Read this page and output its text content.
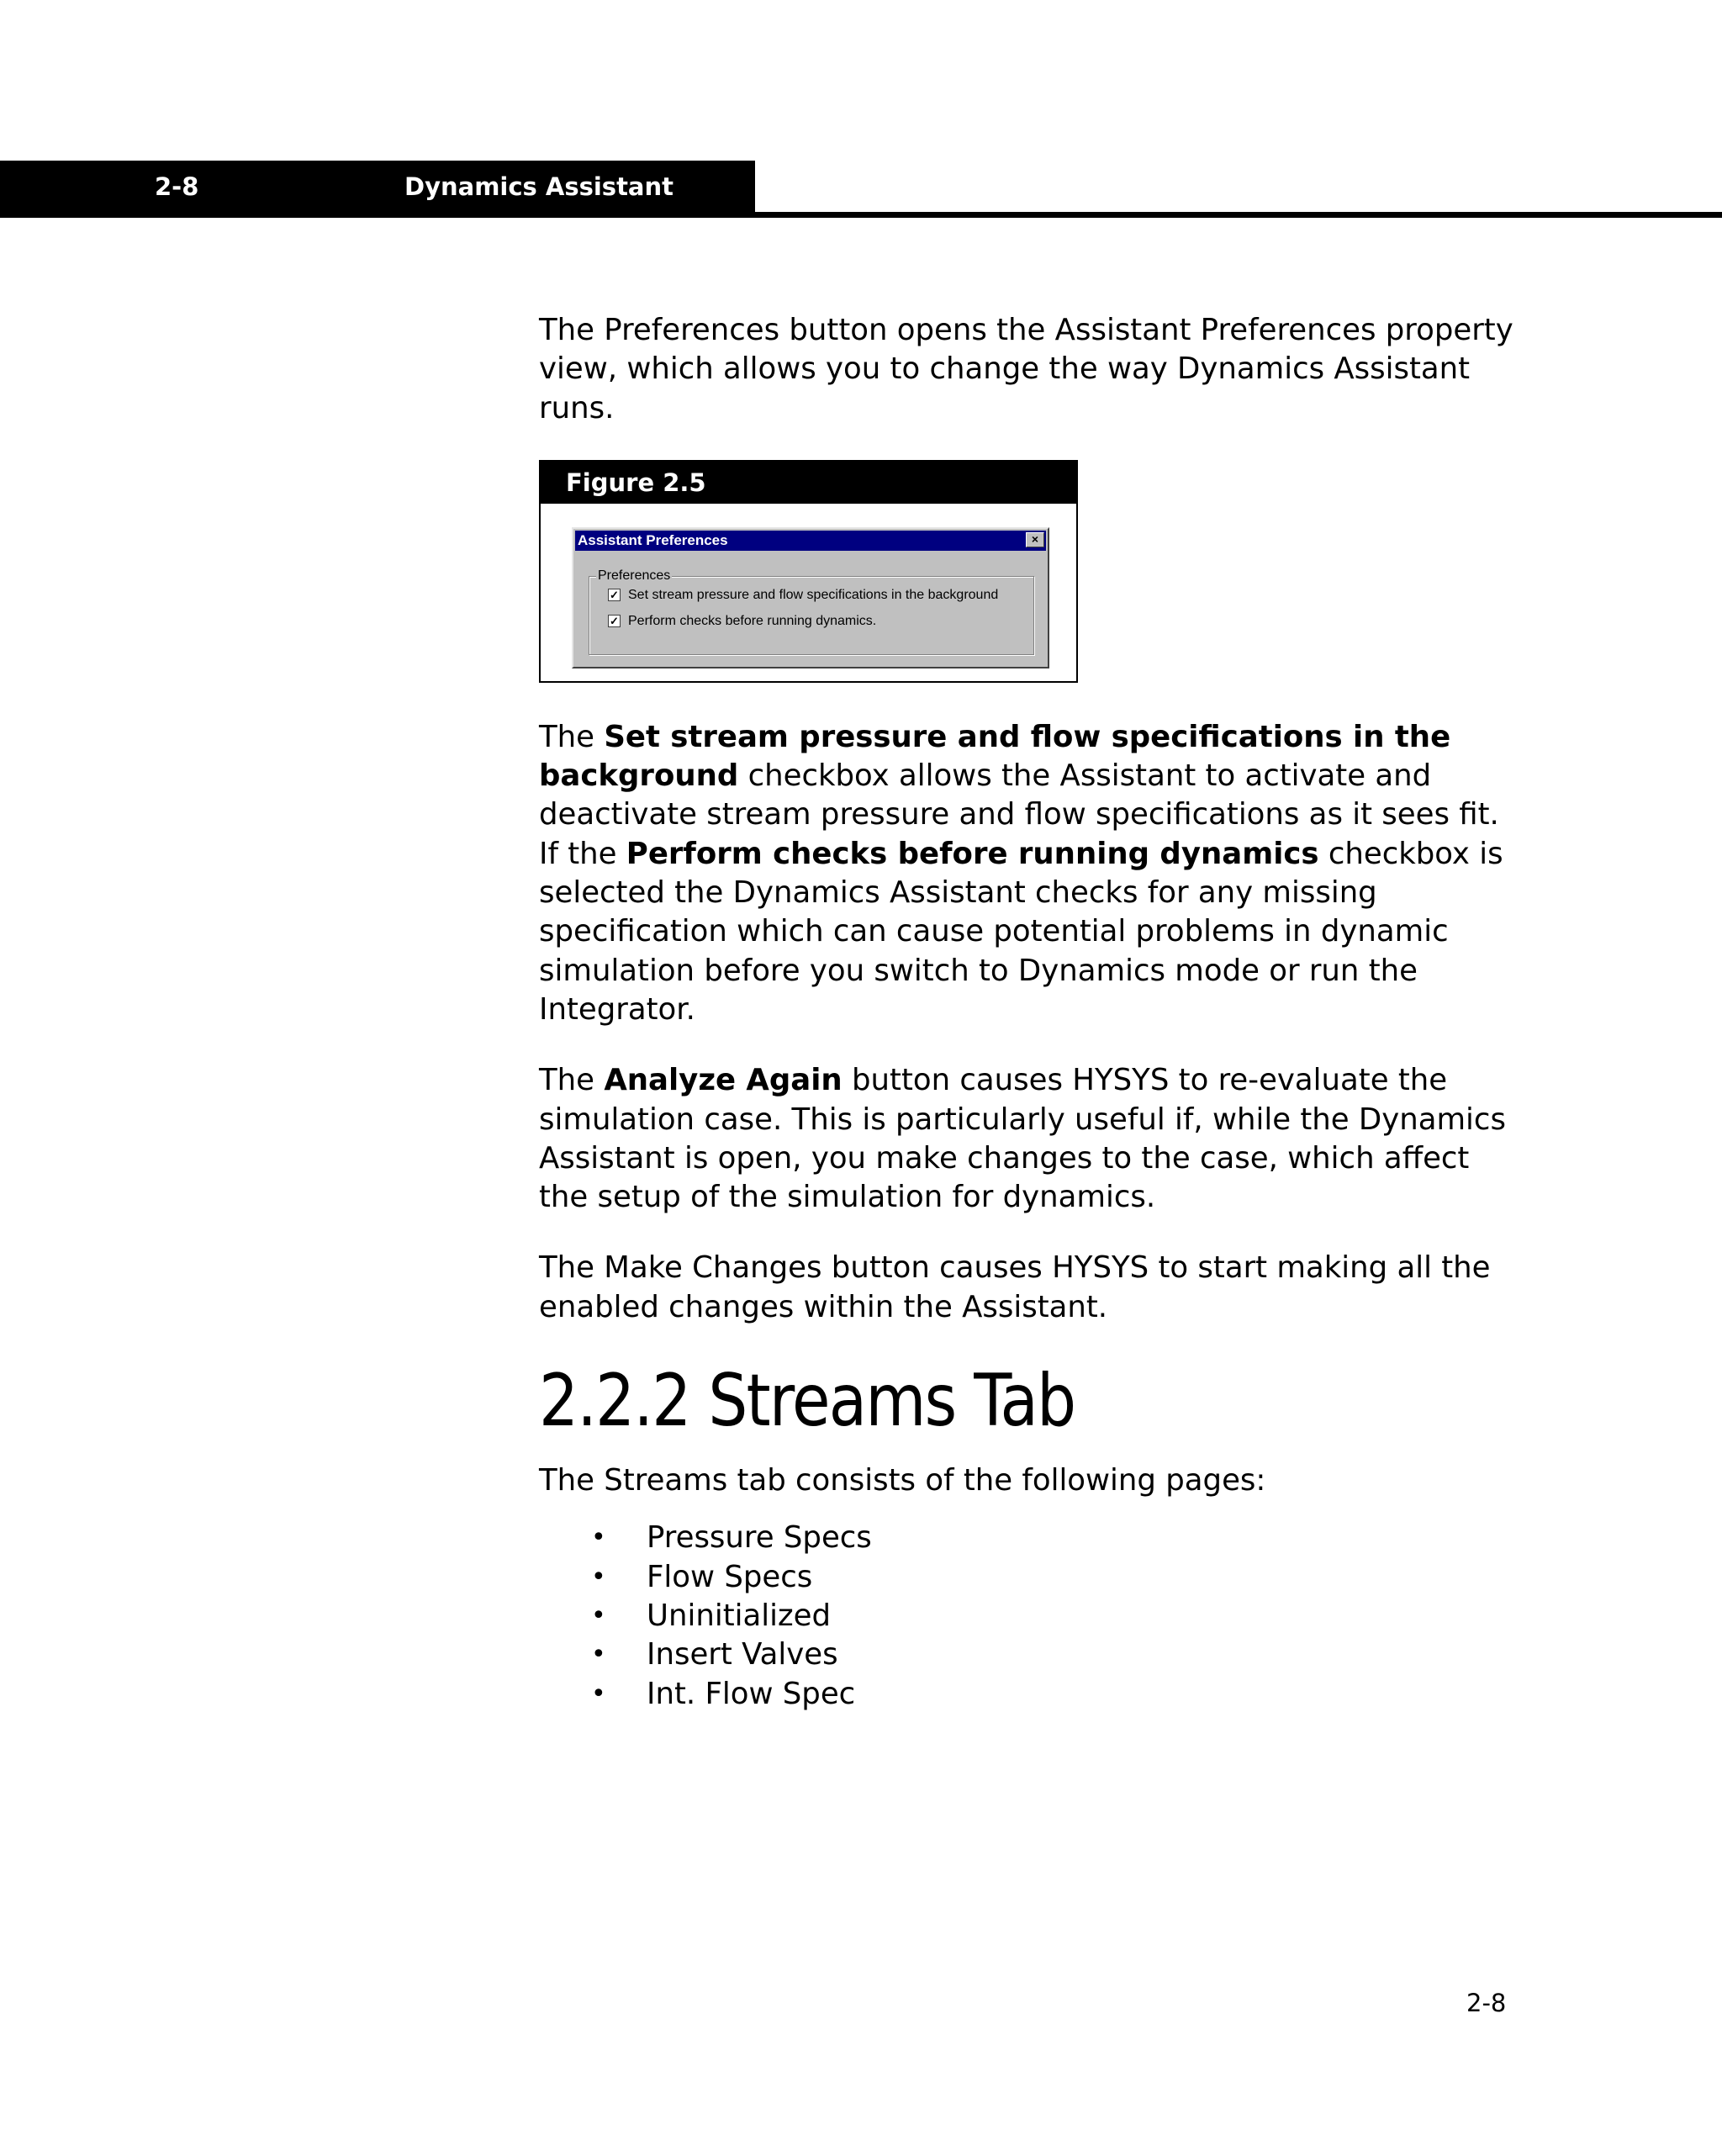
2-8	Dynamics Assistant

The Preferences button opens the Assistant Preferences property view, which allows you to change the way Dynamics Assistant runs.

Figure 2.5
Assistant Preferences	×
Preferences
✓ Set stream pressure and flow specifications in the background
✓ Perform checks before running dynamics.

The Set stream pressure and flow specifications in the background checkbox allows the Assistant to activate and deactivate stream pressure and flow specifications as it sees fit. If the Perform checks before running dynamics checkbox is selected the Dynamics Assistant checks for any missing specification which can cause potential problems in dynamic simulation before you switch to Dynamics mode or run the Integrator.

The Analyze Again button causes HYSYS to re-evaluate the simulation case. This is particularly useful if, while the Dynamics Assistant is open, you make changes to the case, which affect the setup of the simulation for dynamics.

The Make Changes button causes HYSYS to start making all the enabled changes within the Assistant.

2.2.2 Streams Tab

The Streams tab consists of the following pages:

• Pressure Specs
• Flow Specs
• Uninitialized
• Insert Valves
• Int. Flow Spec
2-8
